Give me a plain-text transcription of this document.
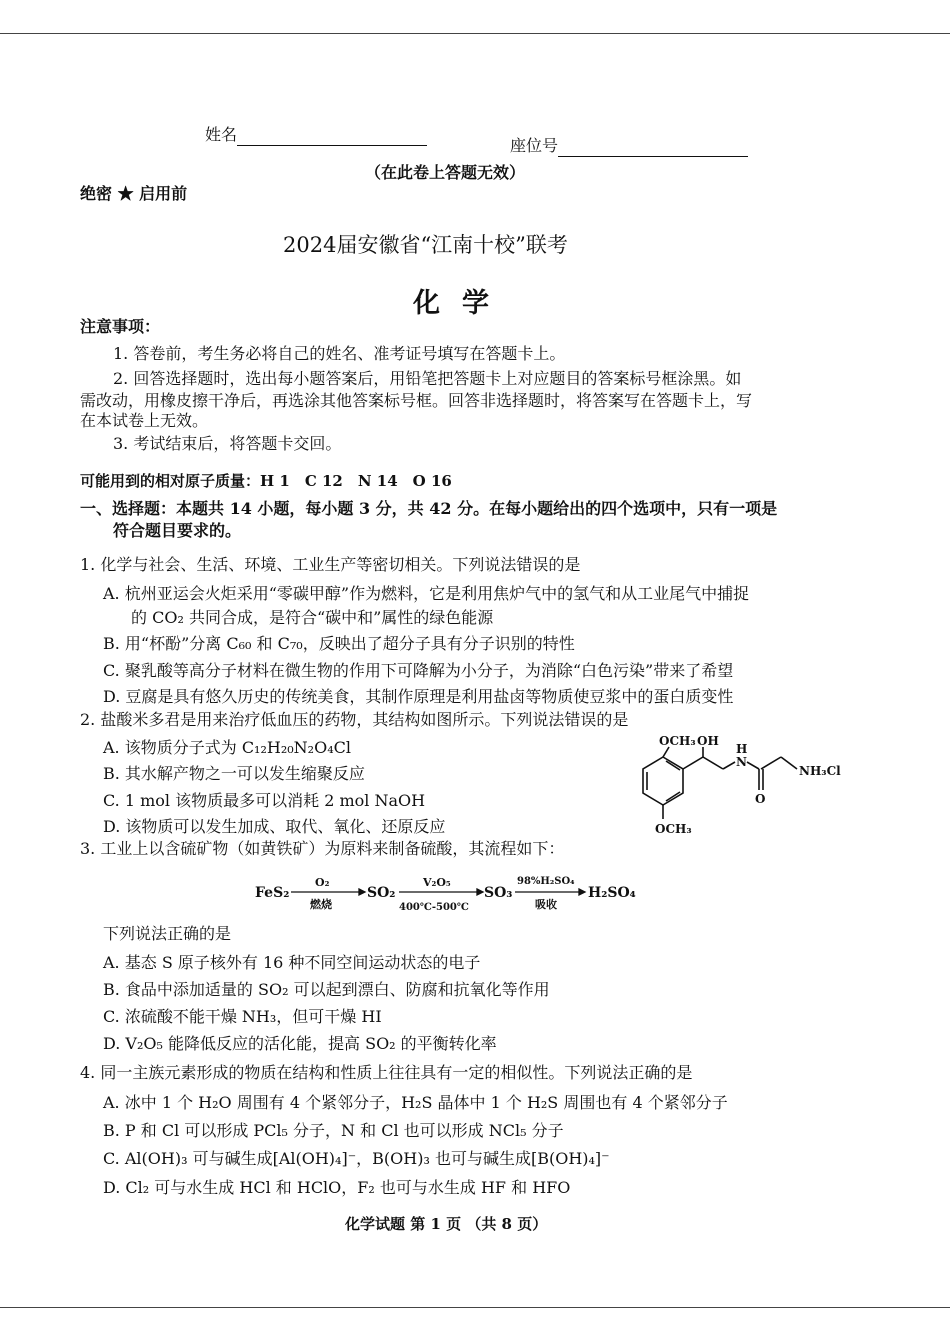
姓名
座位号
（在此卷上答题无效）
绝密 ★ 启用前
2024届安徽省“江南十校”联考
化学
注意事项：
1. 答卷前，考生务必将自己的姓名、准考证号填写在答题卡上。
2. 回答选择题时，选出每小题答案后，用铅笔把答题卡上对应题目的答案标号框涂黑。如
需改动，用橡皮擦干净后，再选涂其他答案标号框。回答非选择题时，将答案写在答题卡上，写
在本试卷上无效。
3. 考试结束后，将答题卡交回。
可能用到的相对原子质量：H 1　C 12　N 14　O 16
一、选择题：本题共 14 小题，每小题 3 分，共 42 分。在每小题给出的四个选项中，只有一项是
符合题目要求的。
1. 化学与社会、生活、环境、工业生产等密切相关。下列说法错误的是
A. 杭州亚运会火炬采用“零碳甲醇”作为燃料，它是利用焦炉气中的氢气和从工业尾气中捕捉
的 CO₂ 共同合成，是符合“碳中和”属性的绿色能源
B. 用“杯酚”分离 C₆₀ 和 C₇₀，反映出了超分子具有分子识别的特性
C. 聚乳酸等高分子材料在微生物的作用下可降解为小分子，为消除“白色污染”带来了希望
D. 豆腐是具有悠久历史的传统美食，其制作原理是利用盐卤等物质使豆浆中的蛋白质变性
2. 盐酸米多君是用来治疗低血压的药物，其结构如图所示。下列说法错误的是
A. 该物质分子式为 C₁₂H₂₀N₂O₄Cl
B. 其水解产物之一可以发生缩聚反应
C. 1 mol 该物质最多可以消耗 2 mol NaOH
D. 该物质可以发生加成、取代、氧化、还原反应
OCH₃ OH
H
N
O
NH₃Cl
OCH₃
3. 工业上以含硫矿物（如黄铁矿）为原料来制备硫酸，其流程如下：
FeS₂
O₂
燃烧
SO₂
V₂O₅
400℃-500℃
SO₃
98%H₂SO₄
吸收
H₂SO₄
下列说法正确的是
A. 基态 S 原子核外有 16 种不同空间运动状态的电子
B. 食品中添加适量的 SO₂ 可以起到漂白、防腐和抗氧化等作用
C. 浓硫酸不能干燥 NH₃，但可干燥 HI
D. V₂O₅ 能降低反应的活化能，提高 SO₂ 的平衡转化率
4. 同一主族元素形成的物质在结构和性质上往往具有一定的相似性。下列说法正确的是
A. 冰中 1 个 H₂O 周围有 4 个紧邻分子，H₂S 晶体中 1 个 H₂S 周围也有 4 个紧邻分子
B. P 和 Cl 可以形成 PCl₅ 分子，N 和 Cl 也可以形成 NCl₅ 分子
C. Al(OH)₃ 可与碱生成[Al(OH)₄]⁻，B(OH)₃ 也可与碱生成[B(OH)₄]⁻
D. Cl₂ 可与水生成 HCl 和 HClO，F₂ 也可与水生成 HF 和 HFO
化学试题 第 1 页 （共 8 页）
